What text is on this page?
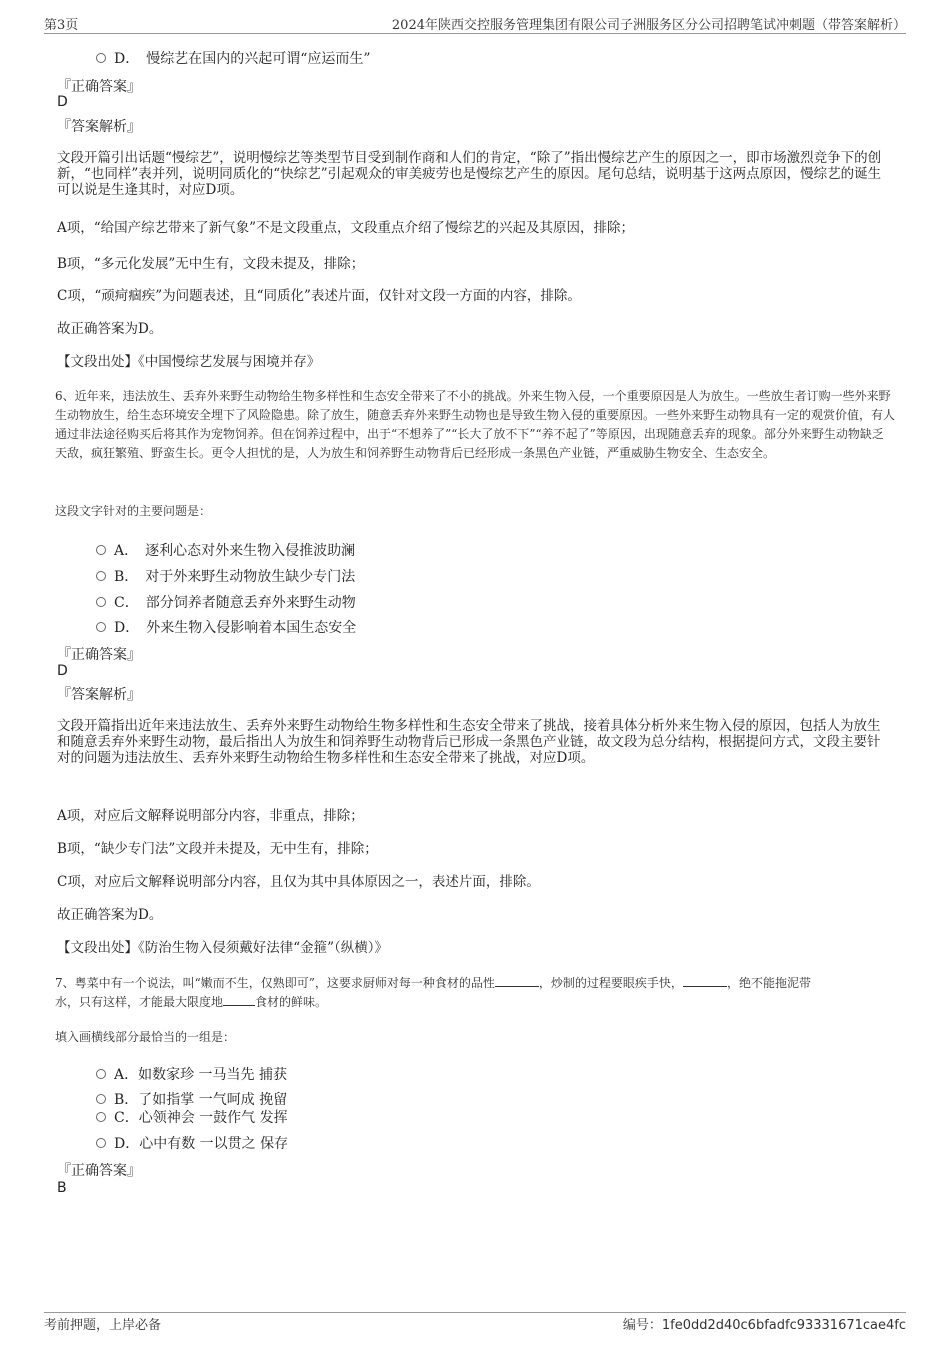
第3页	2024年陕西交控服务管理集团有限公司子洲服务区分公司招聘笔试冲刺题（带答案解析）
D．　慢综艺在国内的兴起可谓“应运而生”
『正确答案』
D
『答案解析』
文段开篇引出话题“慢综艺”，说明慢综艺等类型节目受到制作商和人们的肯定，“除了”指出慢综艺产生的原因之一，即市场激烈竞争下的创新，“也同样”表并列，说明同质化的“快综艺”引起观众的审美疲劳也是慢综艺产生的原因。尾句总结，说明基于这两点原因，慢综艺的诞生可以说是生逢其时，对应D项。
A项，“给国产综艺带来了新气象”不是文段重点，文段重点介绍了慢综艺的兴起及其原因，排除；
B项，“多元化发展”无中生有，文段未提及，排除；
C项，“顽疴痼疾”为问题表述，且“同质化”表述片面，仅针对文段一方面的内容，排除。
故正确答案为D。
【文段出处】《中国慢综艺发展与困境并存》
6、近年来，违法放生、丢弃外来野生动物给生物多样性和生态安全带来了不小的挑战。外来生物入侵，一个重要原因是人为放生。一些放生者订购一些外来野生动物放生，给生态环境安全埋下了风险隐患。除了放生，随意丢弃外来野生动物也是导致生物入侵的重要原因。一些外来野生动物具有一定的观赏价值，有人通过非法途径购买后将其作为宠物饲养。但在饲养过程中，出于“不想养了”“长大了放不下”“养不起了”等原因，出现随意丢弃的现象。部分外来野生动物缺乏天敌，疯狂繁殖、野蛮生长。更令人担忧的是，人为放生和饲养野生动物背后已经形成一条黑色产业链，严重威胁生物安全、生态安全。
这段文字针对的主要问题是：
A．　逐利心态对外来生物入侵推波助澜
B．　对于外来野生动物放生缺少专门法
C．　部分饲养者随意丢弃外来野生动物
D．　外来生物入侵影响着本国生态安全
『正确答案』
D
『答案解析』
文段开篇指出近年来违法放生、丢弃外来野生动物给生物多样性和生态安全带来了挑战，接着具体分析外来生物入侵的原因，包括人为放生和随意丢弃外来野生动物，最后指出人为放生和饲养野生动物背后已形成一条黑色产业链，故文段为总分结构，根据提问方式，文段主要针对的问题为违法放生、丢弃外来野生动物给生物多样性和生态安全带来了挑战，对应D项。
A项，对应后文解释说明部分内容，非重点，排除；
B项，“缺少专门法”文段并未提及，无中生有，排除；
C项，对应后文解释说明部分内容，且仅为其中具体原因之一，表述片面，排除。
故正确答案为D。
【文段出处】《防治生物入侵须戴好法律“金箍”（纵横）》
7、粤菜中有一个说法，叫“嫩而不生，仅熟即可”，这要求厨师对每一种食材的品性	，炒制的过程要眼疾手快，	，绝不能拖泥带
水，只有这样，才能最大限度地	食材的鲜味。
填入画横线部分最恰当的一组是：
A．如数家珍 一马当先 捕获
B．了如指掌 一气呵成 挽留
C．心领神会 一鼓作气 发挥
D．心中有数 一以贯之 保存
『正确答案』
B
考前押题，上岸必备	编号：1fe0dd2d40c6bfadfc93331671cae4fc
